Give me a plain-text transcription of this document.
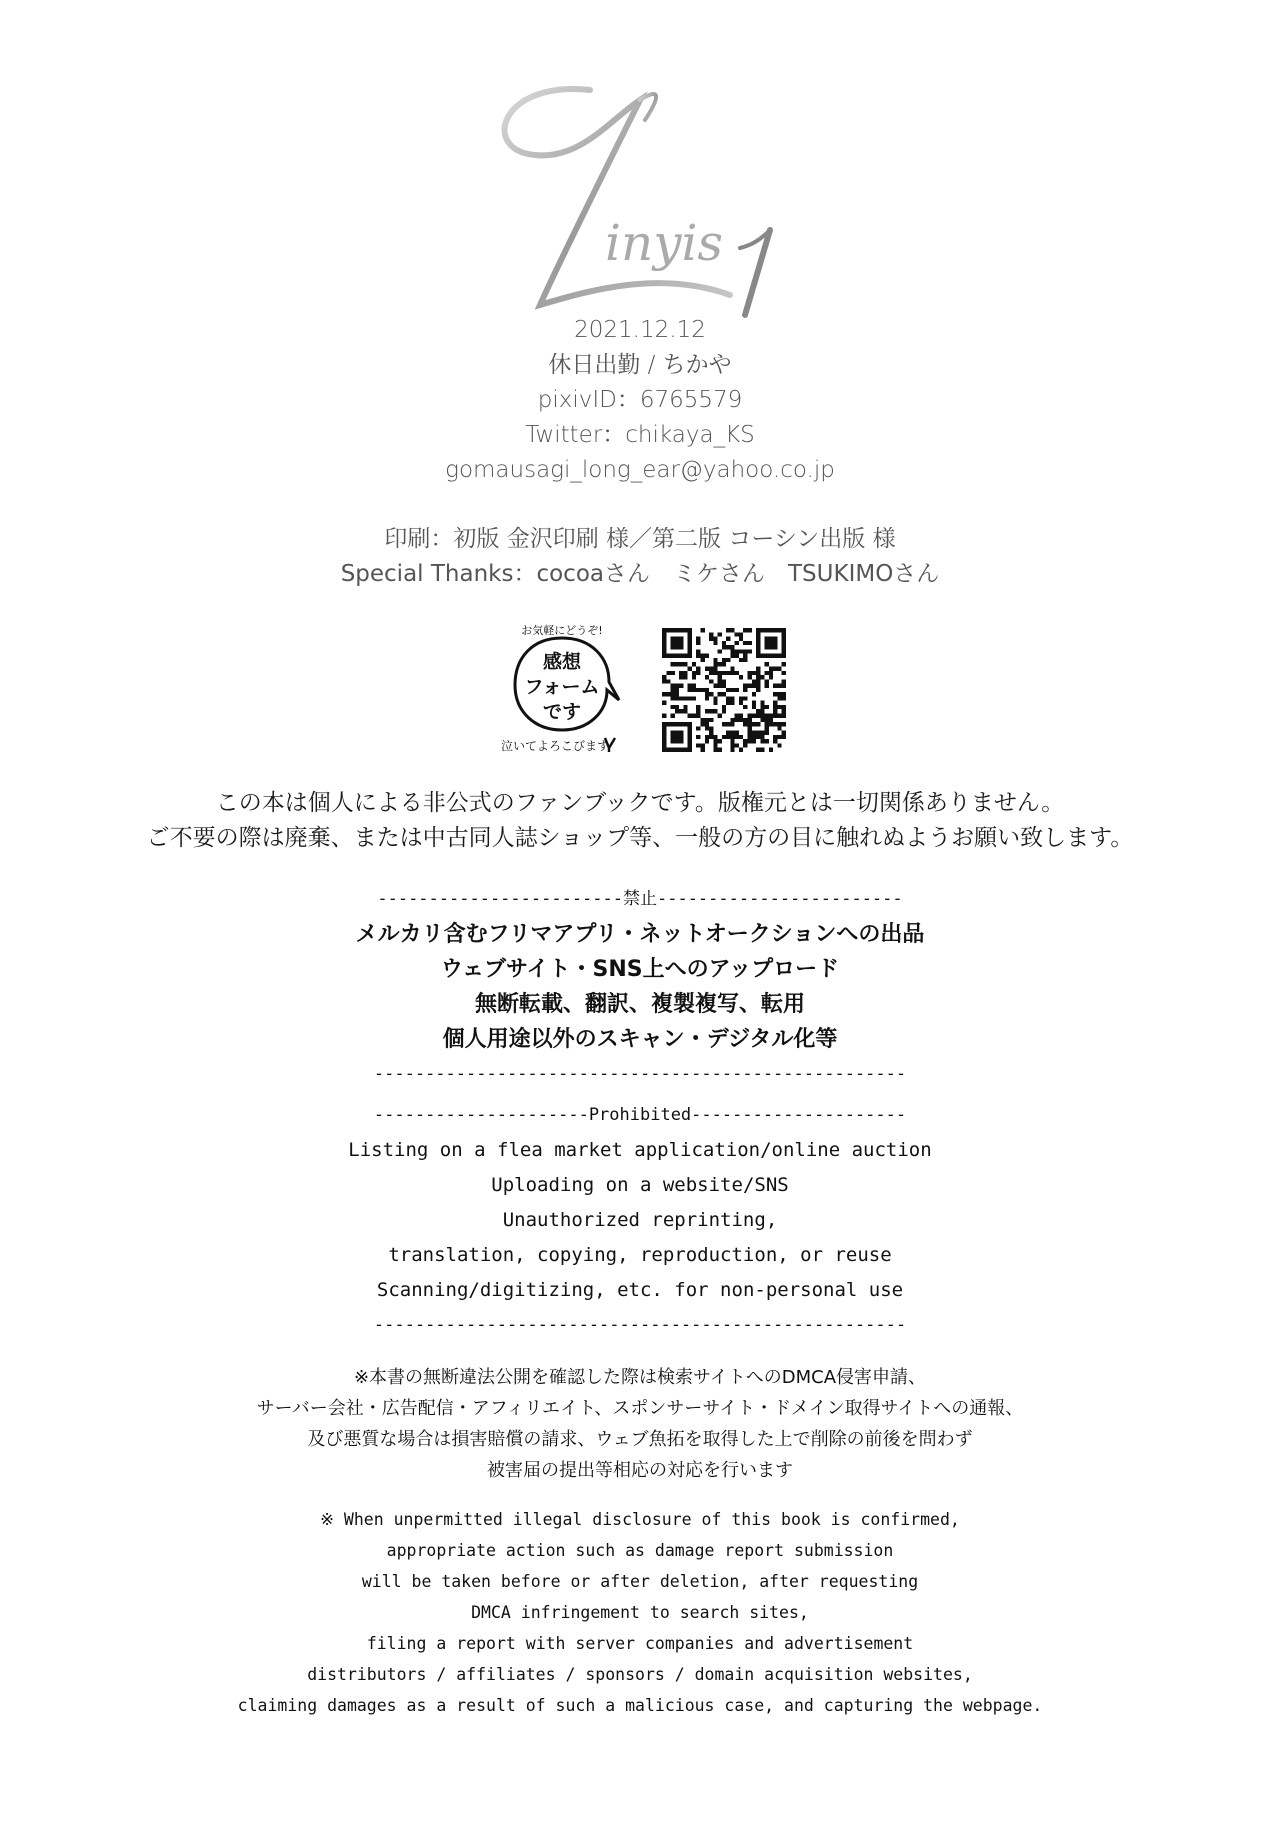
inyis
Linyis 1
2021.12.12
休日出勤 / ちかや
pixivID：6765579
Twitter：chikaya_KS
gomausagi_long_ear@yahoo.co.jp
印刷：初版 金沢印刷 様／第二版 コーシン出版 様
Special Thanks：cocoaさん　ミケさん　TSUKIMOさん
お気軽にどうぞ!
感想
フォーム
です
泣いてよろこびます
この本は個人による非公式のファンブックです。版権元とは一切関係ありません。
ご不要の際は廃棄、または中古同人誌ショップ等、一般の方の目に触れぬようお願い致します。
------------------------禁止------------------------
メルカリ含むフリマアプリ・ネットオークションへの出品
ウェブサイト・SNS上へのアップロード
無断転載、翻訳、複製複写、転用
個人用途以外のスキャン・デジタル化等
----------------------------------------------------
---------------------Prohibited---------------------
Listing on a flea market application/online auction
Uploading on a website/SNS
Unauthorized reprinting,
translation, copying, reproduction, or reuse
Scanning/digitizing, etc. for non-personal use
----------------------------------------------------
※本書の無断違法公開を確認した際は検索サイトへのDMCA侵害申請、
サーバー会社・広告配信・アフィリエイト、スポンサーサイト・ドメイン取得サイトへの通報、
及び悪質な場合は損害賠償の請求、ウェブ魚拓を取得した上で削除の前後を問わず
被害届の提出等相応の対応を行います
※ When unpermitted illegal disclosure of this book is confirmed,
appropriate action such as damage report submission
will be taken before or after deletion, after requesting
DMCA infringement to search sites,
filing a report with server companies and advertisement
distributors / affiliates / sponsors / domain acquisition websites,
claiming damages as a result of such a malicious case, and capturing the webpage.
